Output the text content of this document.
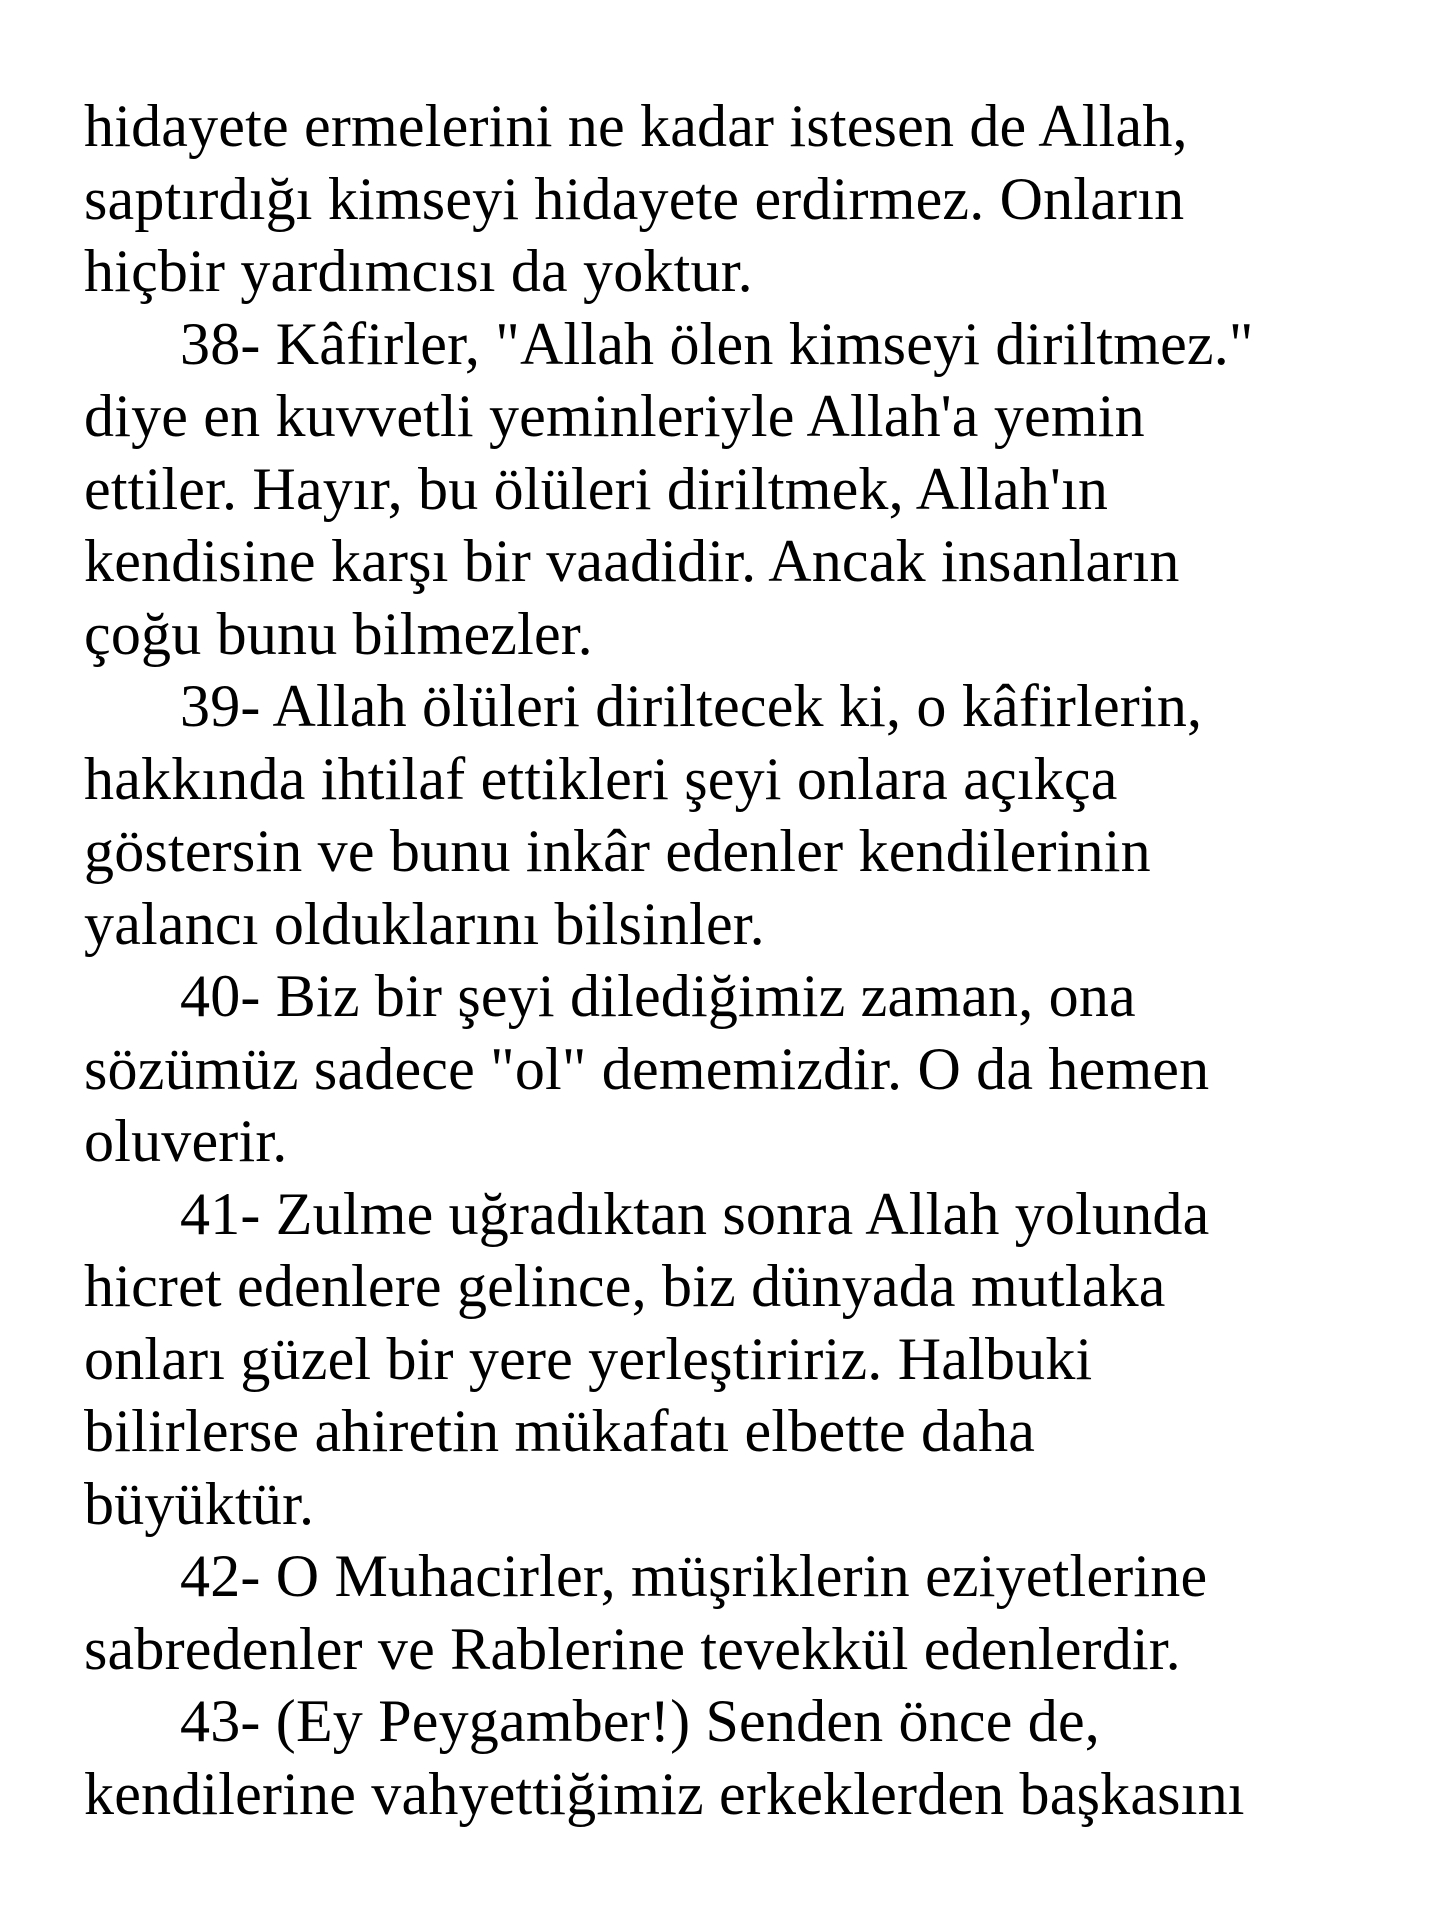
hidayete ermelerini ne kadar istesen de Allah,
saptırdığı kimseyi hidayete erdirmez. Onların
hiçbir yardımcısı da yoktur.
38- Kâfirler, "Allah ölen kimseyi diriltmez."
diye en kuvvetli yeminleriyle Allah'a yemin
ettiler. Hayır, bu ölüleri diriltmek, Allah'ın
kendisine karşı bir vaadidir. Ancak insanların
çoğu bunu bilmezler.
39- Allah ölüleri diriltecek ki, o kâfirlerin,
hakkında ihtilaf ettikleri şeyi onlara açıkça
göstersin ve bunu inkâr edenler kendilerinin
yalancı olduklarını bilsinler.
40- Biz bir şeyi dilediğimiz zaman, ona
sözümüz sadece "ol" dememizdir. O da hemen
oluverir.
41- Zulme uğradıktan sonra Allah yolunda
hicret edenlere gelince, biz dünyada mutlaka
onları güzel bir yere yerleştiririz. Halbuki
bilirlerse ahiretin mükafatı elbette daha
büyüktür.
42- O Muhacirler, müşriklerin eziyetlerine
sabredenler ve Rablerine tevekkül edenlerdir.
43- (Ey Peygamber!) Senden önce de,
kendilerine vahyettiğimiz erkeklerden başkasını
